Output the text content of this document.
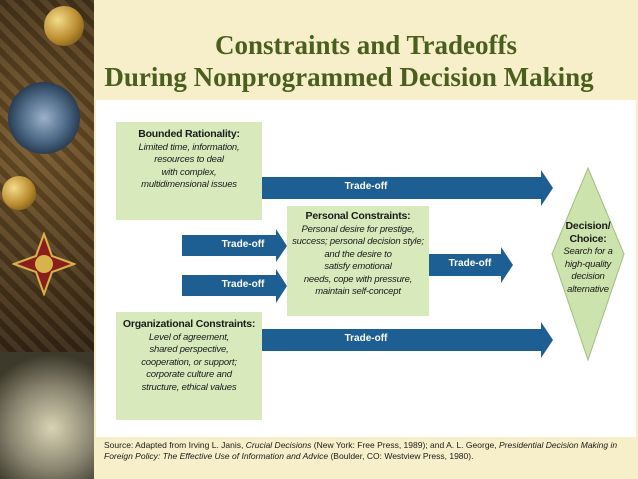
Constraints and Tradeoffs
During Nonprogrammed Decision Making
Bounded Rationality:
Limited time, information,
resources to deal
with complex,
multidimensional issues
Personal Constraints:
Personal desire for prestige,
success; personal decision style;
and the desire to
satisfy emotional
needs, cope with pressure,
maintain self-concept
Organizational Constraints:
Level of agreement,
shared perspective,
cooperation, or support;
corporate culture and
structure, ethical values
Decision/
Choice:
Search for a
high-quality
decision
alternative
Trade-off
Trade-off
Trade-off
Trade-off
Trade-off
Source: Adapted from Irving L. Janis, Crucial Decisions (New York: Free Press, 1989); and A. L. George, Presidential Decision Making in Foreign Policy: The Effective Use of Information and Advice (Boulder, CO: Westview Press, 1980).
